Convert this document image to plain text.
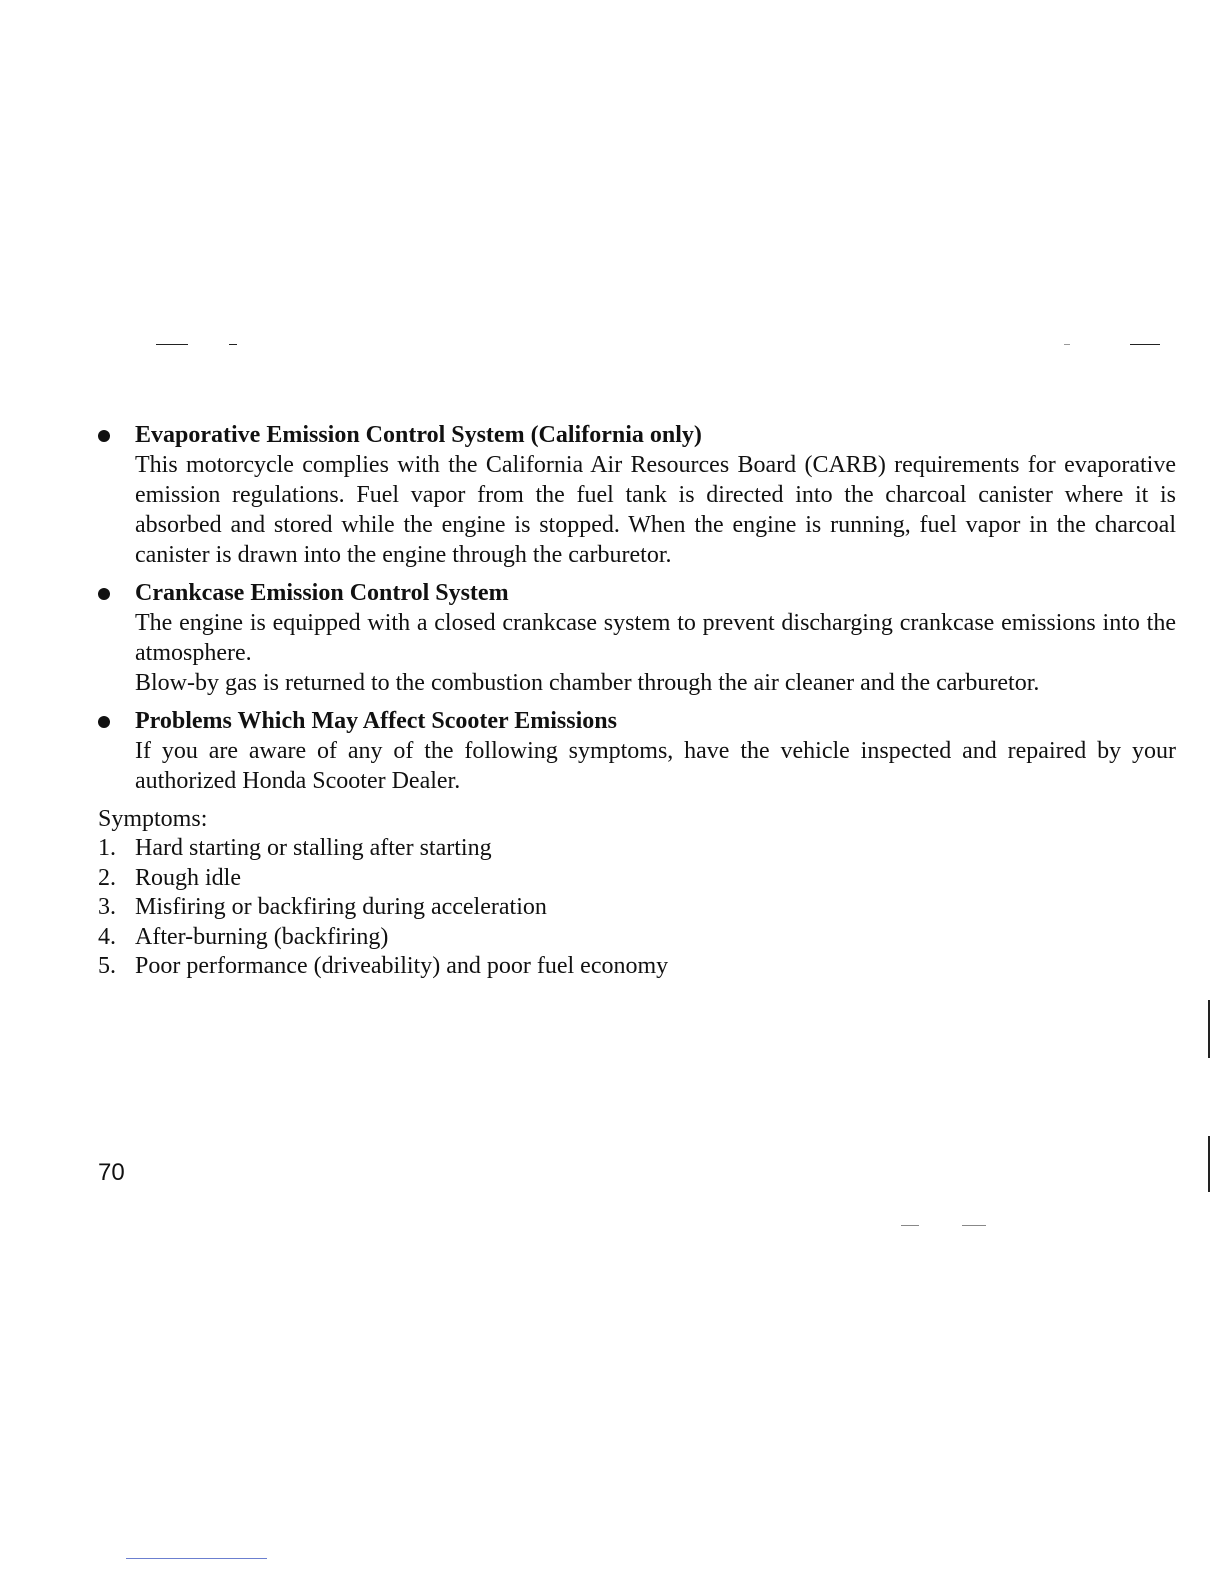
Evaporative Emission Control System (California only)
This motorcycle complies with the California Air Resources Board (CARB) requirements for evaporative emission regulations. Fuel vapor from the fuel tank is directed into the charcoal canister where it is absorbed and stored while the engine is stopped. When the engine is running, fuel vapor in the charcoal canister is drawn into the engine through the carburetor.
Crankcase Emission Control System
The engine is equipped with a closed crankcase system to prevent discharging crankcase emissions into the atmosphere.
Blow-by gas is returned to the combustion chamber through the air cleaner and the carburetor.
Problems Which May Affect Scooter Emissions
If you are aware of any of the following symptoms, have the vehicle inspected and repaired by your authorized Honda Scooter Dealer.
Symptoms:
1. Hard starting or stalling after starting
2. Rough idle
3. Misfiring or backfiring during acceleration
4. After-burning (backfiring)
5. Poor performance (driveability) and poor fuel economy
70
